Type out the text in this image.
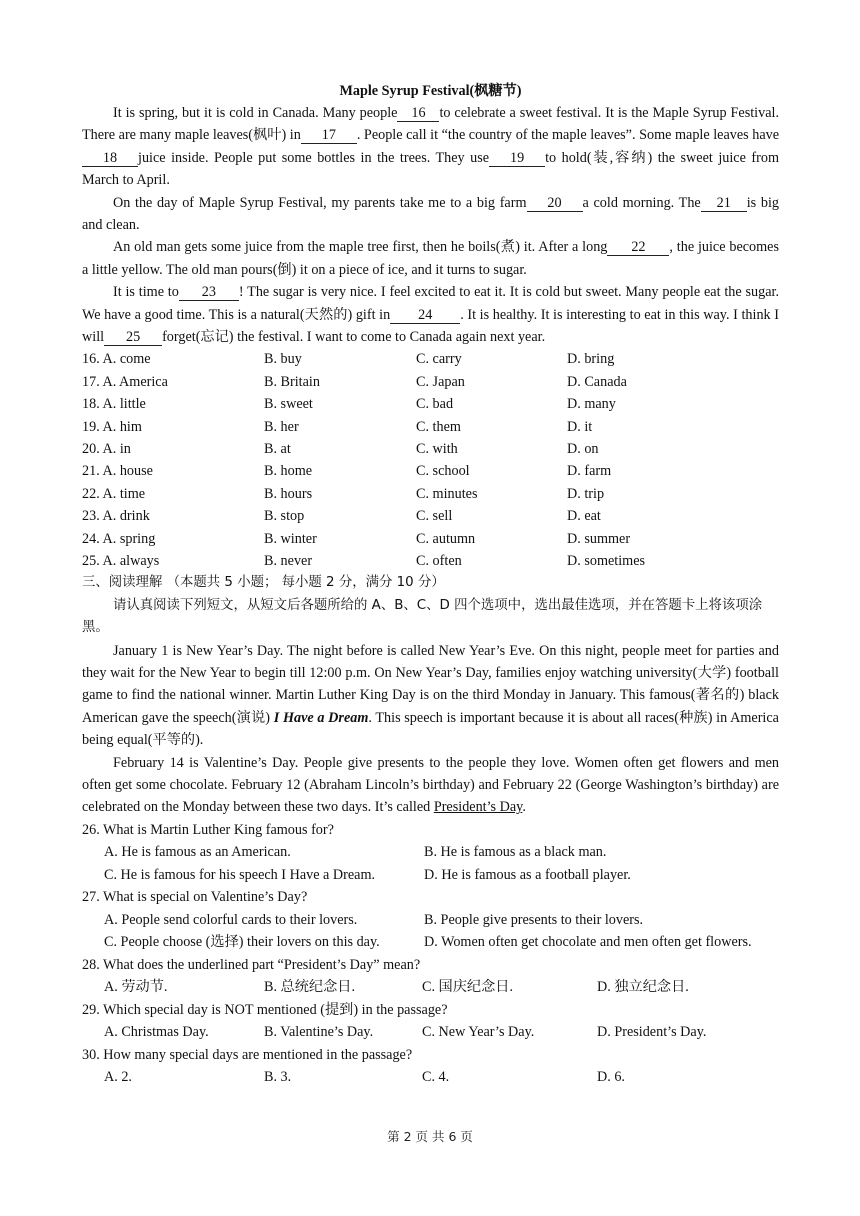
Maple Syrup Festival(枫糖节)

It is spring, but it is cold in Canada. Many people 16 to celebrate a sweet festival. It is the Maple Syrup Festival. There are many maple leaves(枫叶) in 17 . People call it “the country of the maple leaves”. Some maple leaves have18 juice inside. People put some bottles in the trees. They use 19 to hold(装,容纳) the sweet juice from March to April.

On the day of Maple Syrup Festival, my parents take me to a big farm 20 a cold morning. The 21 is big and clean.

An old man gets some juice from the maple tree first, then he boils(煮) it. After a long 22 , the juice becomes a little yellow. The old man pours(倒) it on a piece of ice, and it turns to sugar.

It is time to 23 ! The sugar is very nice. I feel excited to eat it. It is cold but sweet. Many people eat the sugar. We have a good time. This is a natural(天然的) gift in 24 . It is healthy. It is interesting to eat in this way. I think I will 25 forget(忘记) the festival. I want to come to Canada again next year.

16. A. come	B. buy	C. carry	D. bring
17. A. America	B. Britain	C. Japan	D. Canada
18. A. little	B. sweet	C. bad	D. many
19. A. him	B. her	C. them	D. it
20. A. in	B. at	C. with	D. on
21. A. house	B. home	C. school	D. farm
22. A. time	B. hours	C. minutes	D. trip
23. A. drink	B. stop	C. sell	D. eat
24. A. spring	B. winter	C. autumn	D. summer
25. A. always	B. never	C. often	D. sometimes

三、阅读理解 （本题共 5 小题； 每小题 2 分，满分 10 分）

请认真阅读下列短文，从短文后各题所给的 A、B、C、D 四个选项中，选出最佳选项，并在答题卡上将该项涂黑。

January 1 is New Year’s Day. The night before is called New Year’s Eve. On this night, people meet for parties and they wait for the New Year to begin till 12:00 p.m. On New Year’s Day, families enjoy watching university(大学) football game to find the national winner. Martin Luther King Day is on the third Monday in January. This famous(著名的) black American gave the speech(演说) I Have a Dream. This speech is important because it is about all races(种族) in America being equal(平等的).

February 14 is Valentine’s Day. People give presents to the people they love. Women often get flowers and men often get some chocolate. February 12 (Abraham Lincoln’s birthday) and February 22 (George Washington’s birthday) are celebrated on the Monday between these two days. It’s called President’s Day.

26. What is Martin Luther King famous for?

A. He is famous as an American.	B. He is famous as a black man.
C. He is famous for his speech I Have a Dream.	D. He is famous as a football player.

27. What is special on Valentine’s Day?

A. People send colorful cards to their lovers.	B. People give presents to their lovers.
C. People choose (选择) their lovers on this day.	D. Women often get chocolate and men often get flowers.

28. What does the underlined part “President’s Day” mean?

A. 劳动节.	B. 总统纪念日.	C. 国庆纪念日.	D. 独立纪念日.

29. Which special day is NOT mentioned (提到) in the passage?

A. Christmas Day.	B. Valentine’s Day.	C. New Year’s Day.	D. President’s Day.

30. How many special days are mentioned in the passage?

A. 2.	B. 3.	C. 4.	D. 6.
第 2 页 共 6 页
